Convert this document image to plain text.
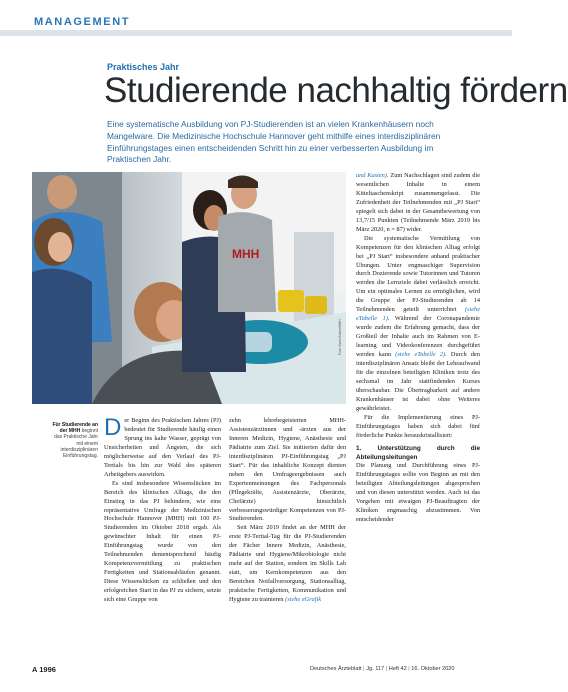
MANAGEMENT
Praktisches Jahr
Studierende nachhaltig fördern
Eine systematische Ausbildung von PJ-Studierenden ist an vielen Krankenhäusern noch Mangelware. Die Medizinische Hochschule Hannover geht mithilfe eines interdisziplinären Einführungstages einen entscheidenden Schritt hin zu einer verbesserten Ausbildung im Praktischen Jahr.
MHH
Foto: Karin Kaiser/MHH
Für Studierende an der MHH beginnt das Praktische Jahr mit einem interdisziplinären Einführungstag.

Der Beginn des Praktischen Jahres (PJ) bedeutet für Studierende häufig einen Sprung ins kalte Wasser, geprägt von Unsicherheiten und Ängsten, die sich möglicherweise auf den Verlauf des PJ-Tertials bis hin zur Wahl des späteren Arbeitgebers auswirken.

Es sind insbesondere Wissenslücken im Bereich des klinischen Alltags, die den Einstieg in das PJ behindern, wie eine repräsentative Umfrage der Medizinischen Hochschule Hannover (MHH) mit 100 PJ-Studierenden im Oktober 2018 ergab. Als gewünschter Inhalt für einen PJ-Einführungstag wurde von den Teilnehmenden dementsprechend häufig Kompetenzvermittlung zu praktischen Fertigkeiten und Stationsabläufen genannt. Diese Wissenslücken zu schließen und den erfolgreichen Start in das PJ zu sichern, setzte sich eine Gruppe von

zehn lehrebegeisterten MHH-Assistenzärztinnen und -ärzten aus der Inneren Medizin, Hygiene, Anästhesie und Pädiatrie zum Ziel. Sie initiierten dafür den interdisziplinären PJ-Einführungstag „PJ Start“. Für das inhaltliche Konzept dienten neben den Umfrageergebnissen auch Expertenmeinungen des Fachpersonals (Pflegekräfte, Assistenzärzte, Oberärzte, Chefärzte) hinsichtlich verbesserungswürdiger Kompetenzen von PJ-Studierenden.

Seit März 2019 findet an der MHH der erste PJ-Tertial-Tag für die PJ-Studierenden der Fächer Innere Medizin, Anästhesie, Pädiatrie und Hygiene/Mikrobiologie nicht mehr auf der Station, sondern im Skills Lab statt, um Kernkompetenzen aus den Bereichen Notfallversorgung, Stationsalltag, praktische Fertigkeiten, Kommunikation und Hygiene zu trainieren (siehe eGrafik

und Kasten). Zum Nachschlagen sind zudem die wesentlichen Inhalte in einem Kitteltaschenskript zusammengefasst. Die Zufriedenheit der Teilnehmenden mit „PJ Start“ spiegelt sich dabei in der Gesamtbewertung von 13,7/15 Punkten (Teilnehmende März 2019 bis März 2020, n = 87) wider.

Die systematische Vermittlung von Kompetenzen für den klinischen Alltag erfolgt bei „PJ Start“ insbesondere anhand praktischer Übungen. Unter engmaschiger Supervision durch Dozierende sowie Tutorinnen und Tutoren werden die Lernziele dabei verlässlich erreicht. Um ein optimales Lernen zu ermöglichen, wird die Gruppe der PJ-Studierenden ab 14 Teilnehmenden geteilt unterrichtet (siehe eTabelle 1). Während der Coronapandemie wurde zudem die Erfahrung gemacht, dass der Großteil der Inhalte auch im Rahmen von E-learning und Videokonferenzen durchgeführt werden kann (siehe eTabelle 2). Durch den interdisziplinären Ansatz bleibt der Lehraufwand für die einzelnen beteiligten Kliniken trotz des sechsmal im Jahr stattfindenden Kurses überschaubar. Die Übertragbarkeit auf andere Krankenhäuser ist dabei ohne Weiteres gewährleistet.

Für die Implementierung eines PJ-Einführungstages haben sich dabei fünf förderliche Punkte herauskristallisiert:

1. Unterstützung durch die Abteilungsleitungen

Die Planung und Durchführung eines PJ-Einführungstages sollte von Beginn an mit den beteiligten Abteilungsleitungen abgesprochen und von diesen unterstützt werden. Auch ist das Vorgehen mit etwaigen PJ-Beauftragten der Kliniken engmaschig abzustimmen. Von entscheidender

A 1996	Deutsches Ärzteblatt | Jg. 117 | Heft 42 | 16. Oktober 2020
